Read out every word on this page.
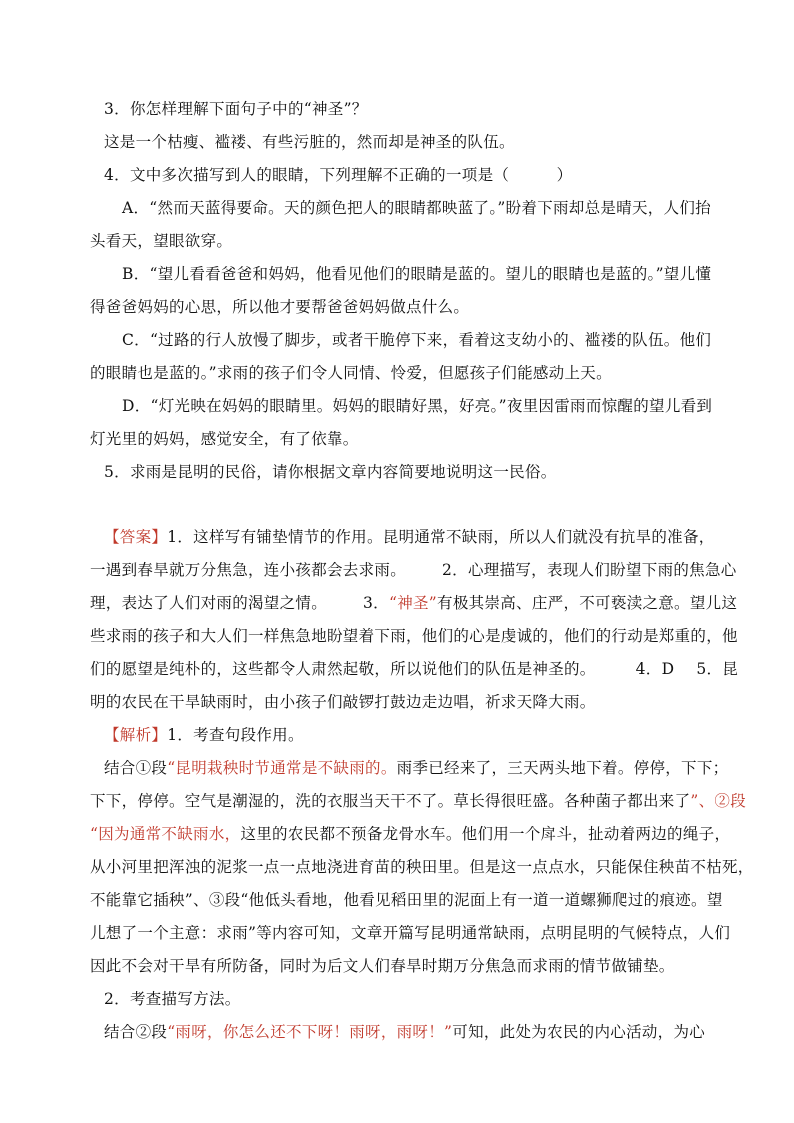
3．你怎样理解下面句子中的“神圣”？
这是一个枯瘦、褴褛、有些污脏的，然而却是神圣的队伍。
4．文中多次描写到人的眼睛，下列理解不正确的一项是（　　　）
A．“然而天蓝得要命。天的颜色把人的眼睛都映蓝了。”盼着下雨却总是晴天，人们抬
头看天，望眼欲穿。
B．“望儿看看爸爸和妈妈，他看见他们的眼睛是蓝的。望儿的眼睛也是蓝的。”望儿懂
得爸爸妈妈的心思，所以他才要帮爸爸妈妈做点什么。
C．“过路的行人放慢了脚步，或者干脆停下来，看着这支幼小的、褴褛的队伍。他们
的眼睛也是蓝的。”求雨的孩子们令人同情、怜爱，但愿孩子们能感动上天。
D．“灯光映在妈妈的眼睛里。妈妈的眼睛好黑，好亮。”夜里因雷雨而惊醒的望儿看到
灯光里的妈妈，感觉安全，有了依靠。
5．求雨是昆明的民俗，请你根据文章内容简要地说明这一民俗。
【答案】1．这样写有铺垫情节的作用。昆明通常不缺雨，所以人们就没有抗旱的准备，
一遇到春旱就万分焦急，连小孩都会去求雨。 2．心理描写，表现人们盼望下雨的焦急心
理，表达了人们对雨的渴望之情。 3．“神圣”有极其崇高、庄严，不可亵渎之意。望儿这
些求雨的孩子和大人们一样焦急地盼望着下雨，他们的心是虔诚的，他们的行动是郑重的，他
们的愿望是纯朴的，这些都令人肃然起敬，所以说他们的队伍是神圣的。	4．D 5．昆
明的农民在干旱缺雨时，由小孩子们敲锣打鼓边走边唱，祈求天降大雨。
【解析】1．考查句段作用。
结合①段“昆明栽秧时节通常是不缺雨的。雨季已经来了，三天两头地下着。停停，下下；
下下，停停。空气是潮湿的，洗的衣服当天干不了。草长得很旺盛。各种菌子都出来了”、②段
“因为通常不缺雨水，这里的农民都不预备龙骨水车。他们用一个戽斗，扯动着两边的绳子，
从小河里把浑浊的泥浆一点一点地浇进育苗的秧田里。但是这一点点水，只能保住秧苗不枯死，
不能靠它插秧”、③段“他低头看地，他看见稻田里的泥面上有一道一道螺狮爬过的痕迹。望
儿想了一个主意：求雨”等内容可知，文章开篇写昆明通常缺雨，点明昆明的气候特点，人们
因此不会对干旱有所防备，同时为后文人们春旱时期万分焦急而求雨的情节做铺垫。
2．考查描写方法。
结合②段“雨呀，你怎么还不下呀！雨呀，雨呀！”可知，此处为农民的内心活动，为心
